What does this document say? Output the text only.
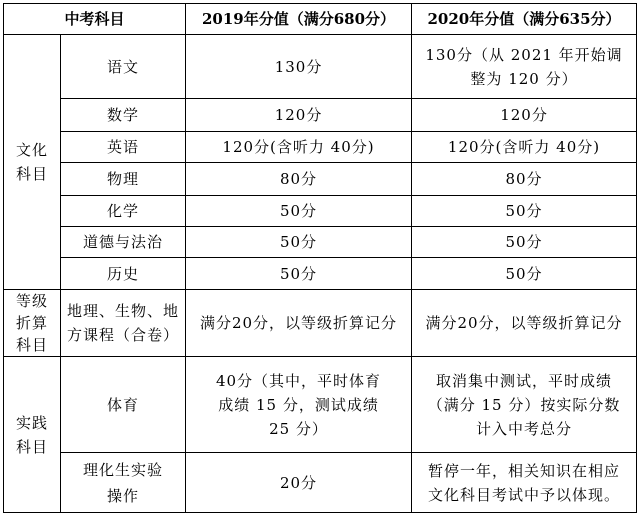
中考科目		2019年分值（满分680分）	2020年分值（满分635分）

文化
科目	语文	130分	130分（从 2021 年开始调整为 120 分）
	数学	120分	120分
	英语	120分(含听力 40分)	120分(含听力 40分)
	物理	80分	80分
	化学	50分	50分
	道德与法治	50分	50分
	历史	50分	50分

等级
折算
科目	地理、生物、地方课程（合卷）	满分20分，以等级折算记分	满分20分，以等级折算记分

实践
科目	体育	40分（其中，平时体育成绩 15 分，测试成绩 25 分）	取消集中测试，平时成绩（满分 15 分）按实际分数计入中考总分
	理化生实验操作	20分	暂停一年，相关知识在相应文化科目考试中予以体现。
